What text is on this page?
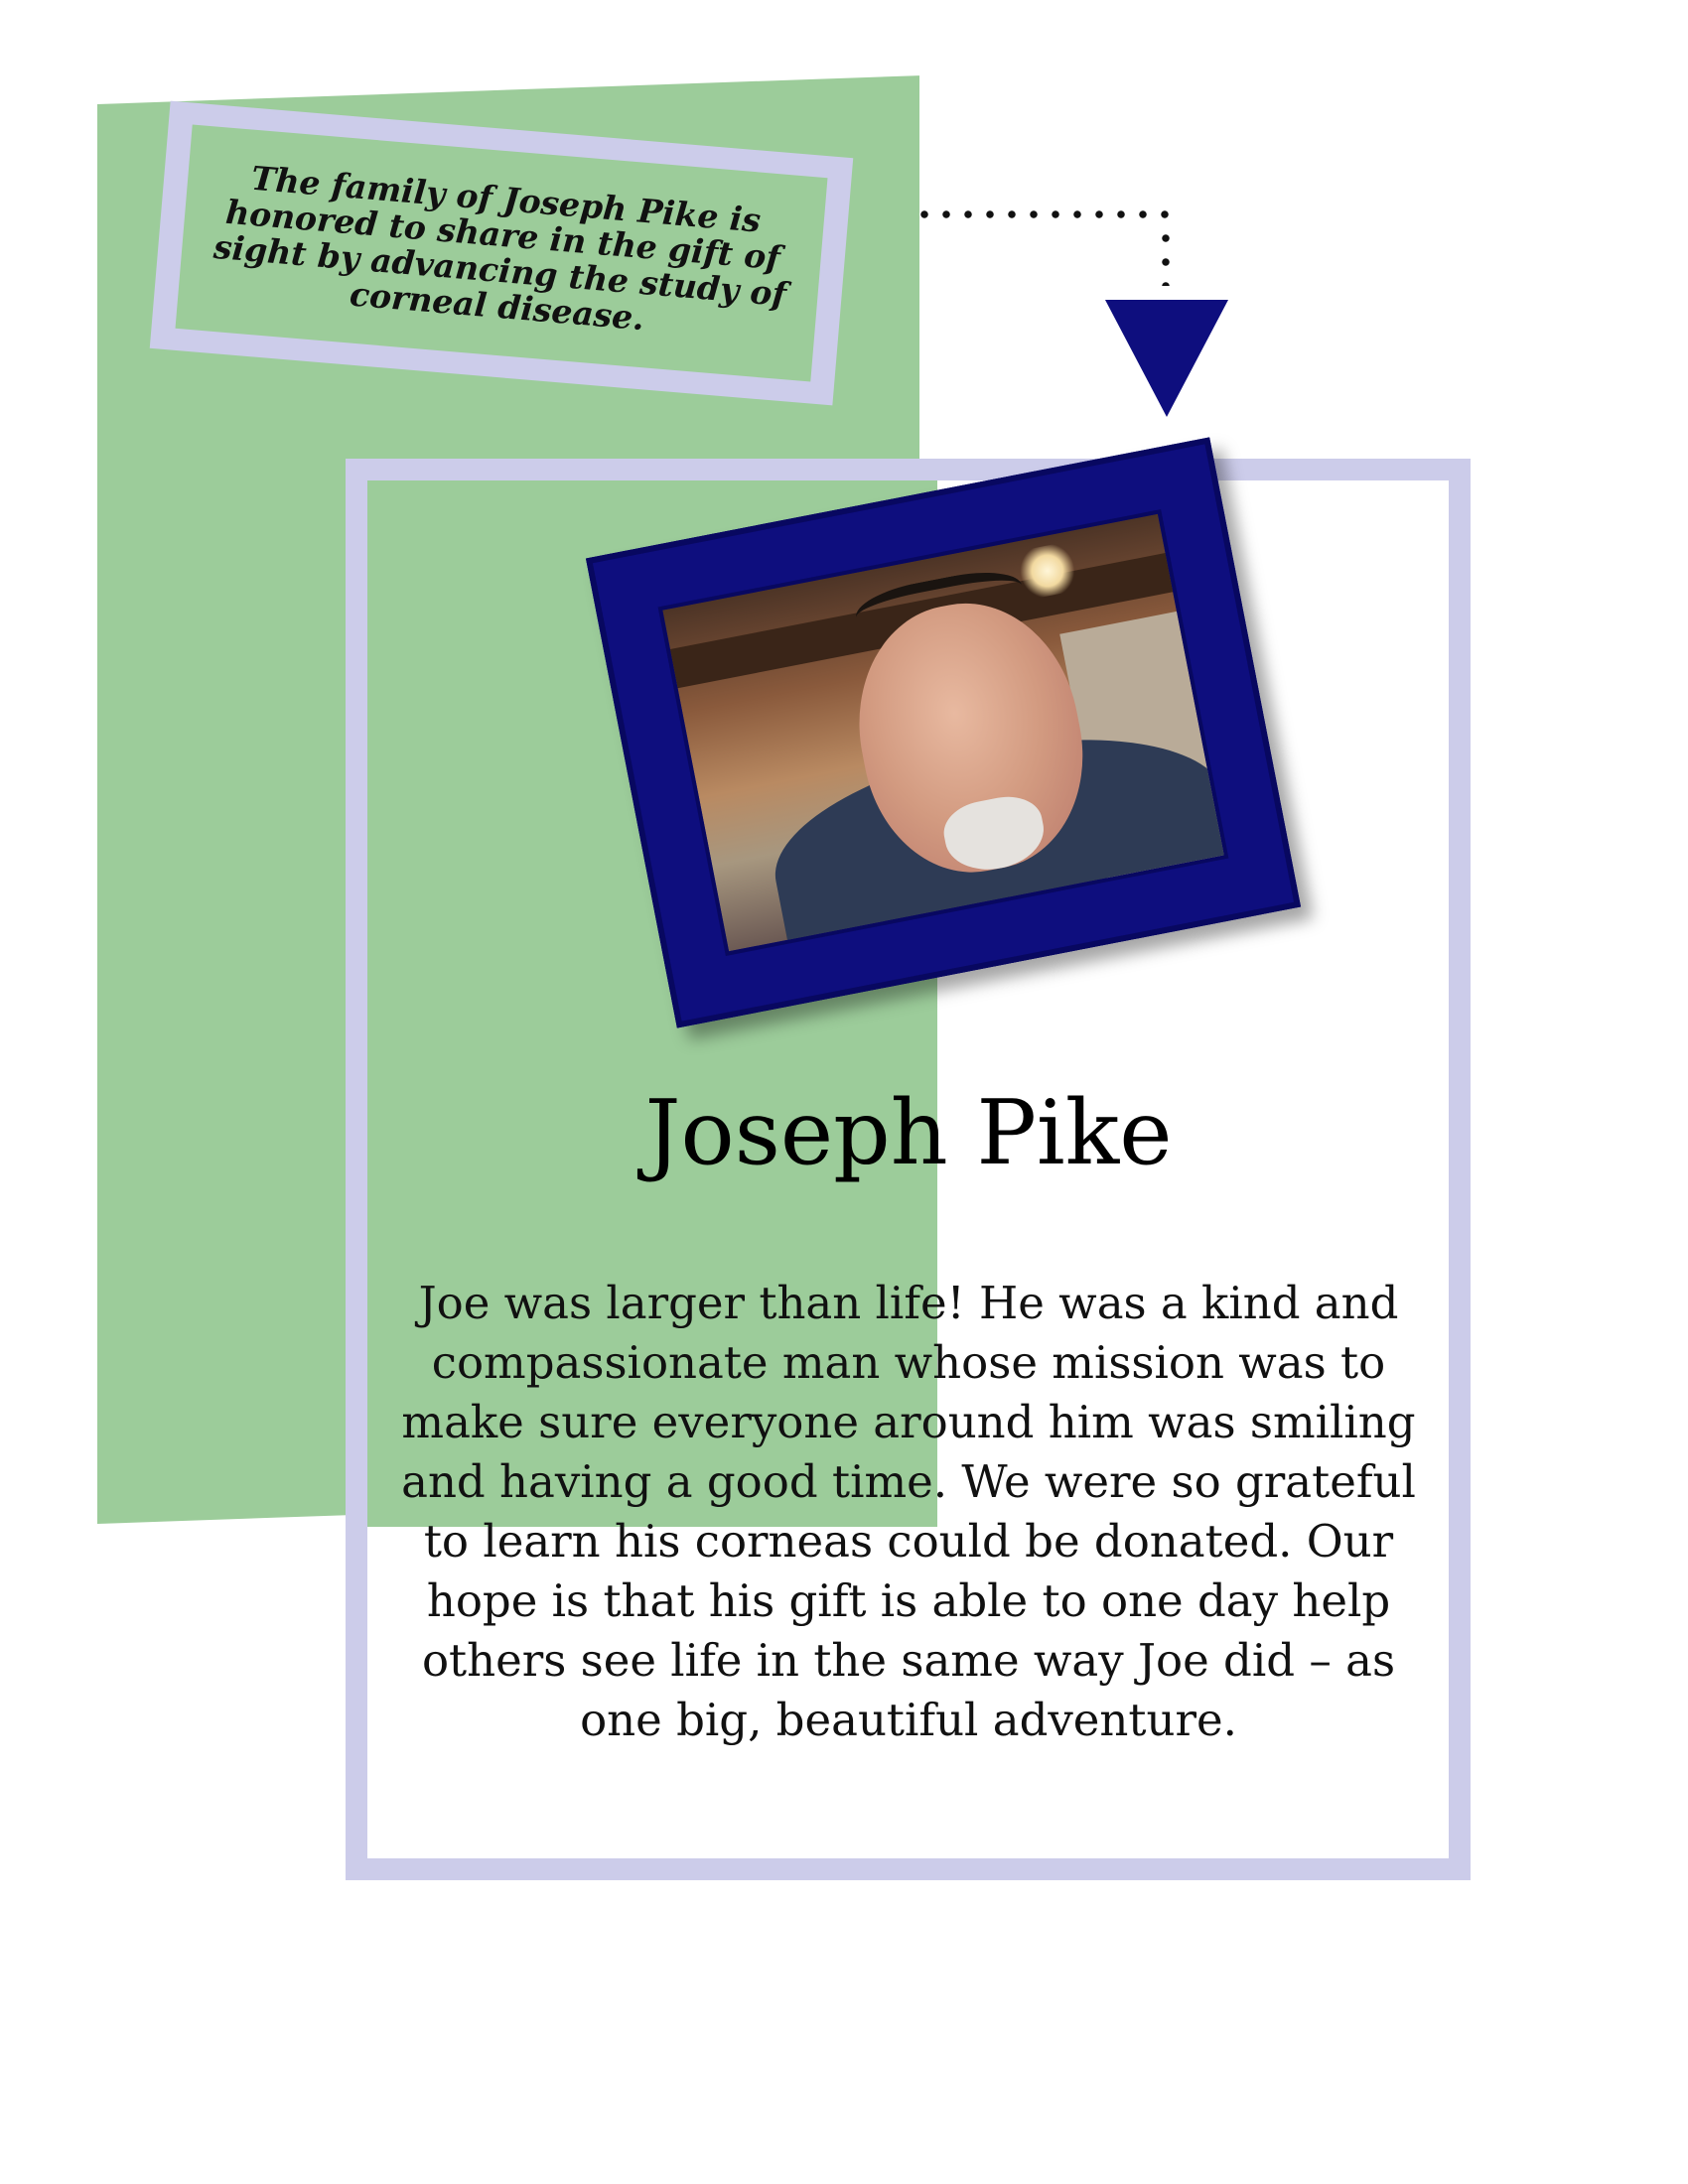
The family of Joseph Pike is honored to share in the gift of sight by advancing the study of corneal disease.

Joseph Pike

Joe was larger than life! He was a kind and compassionate man whose mission was to make sure everyone around him was smiling and having a good time. We were so grateful to learn his corneas could be donated. Our hope is that his gift is able to one day help others see life in the same way Joe did – as one big, beautiful adventure.
